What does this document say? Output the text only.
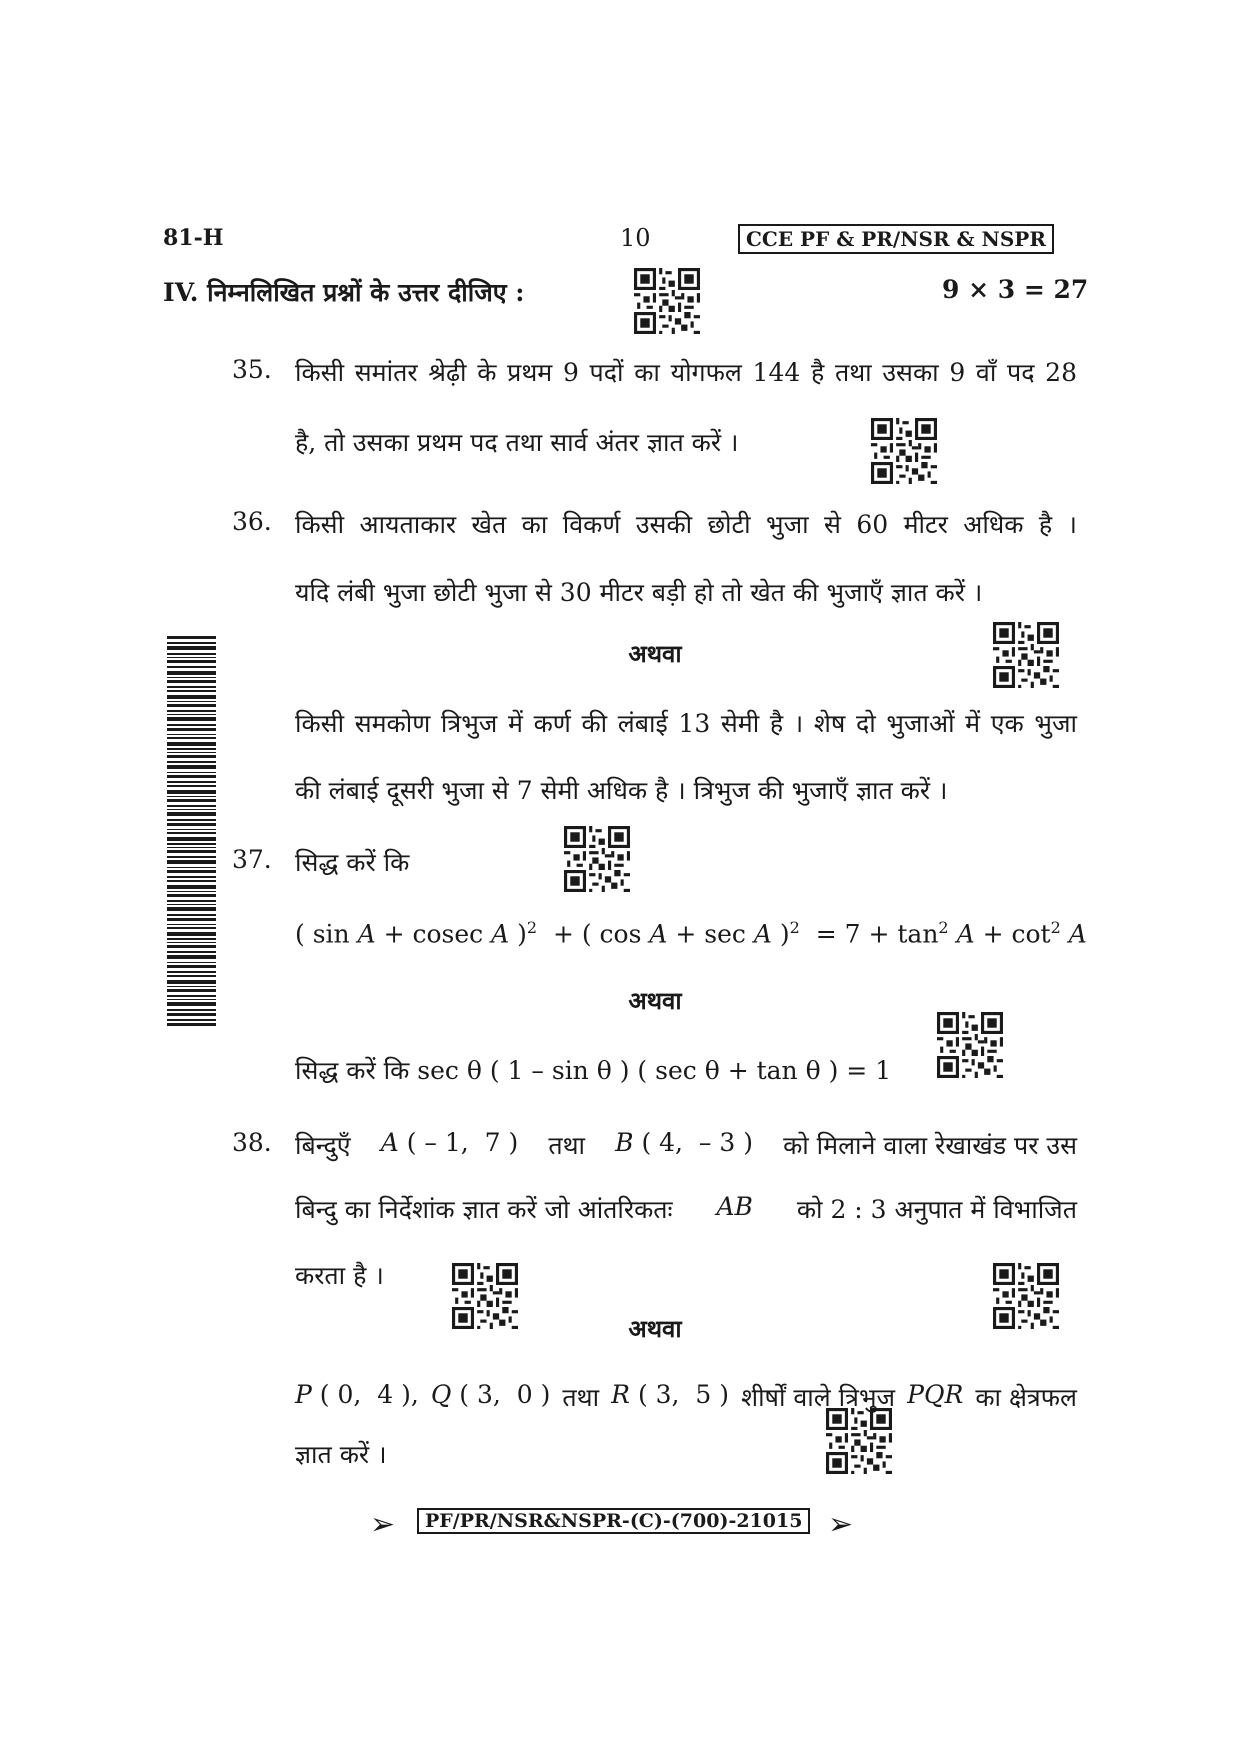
81-H	10	CCE PF & PR/NSR & NSPR
IV. निम्नलिखित प्रश्नों के उत्तर दीजिए :	9 × 3 = 27
35. किसी समांतर श्रेढ़ी के प्रथम 9 पदों का योगफल 144 है तथा उसका 9 वाँ पद 28
है, तो उसका प्रथम पद तथा सार्व अंतर ज्ञात करें ।
36. किसी आयताकार खेत का विकर्ण उसकी छोटी भुजा से 60 मीटर अधिक है ।
यदि लंबी भुजा छोटी भुजा से 30 मीटर बड़ी हो तो खेत की भुजाएँ ज्ञात करें ।
अथवा
किसी समकोण त्रिभुज में कर्ण की लंबाई 13 सेमी है । शेष दो भुजाओं में एक भुजा
की लंबाई दूसरी भुजा से 7 सेमी अधिक है । त्रिभुज की भुजाएँ ज्ञात करें ।
37. सिद्ध करें कि
( sin A + cosec A )$^2$  + ( cos A + sec A )$^2 = 7 + \tan^2 A + \cot^2 A$
अथवा
सिद्ध करें कि sec θ ( 1 – sin θ ) ( sec θ + tan θ ) = 1
38. बिन्दुएँ A ( – 1,  7 ) तथा B ( 4,  – 3 ) को मिलाने वाला रेखाखंड पर उस
बिन्दु का निर्देशांक ज्ञात करें जो आंतरिकतः AB को 2 : 3 अनुपात में विभाजित
करता है ।
अथवा
P ( 0,  4 ), Q ( 3,  0 ) तथा R ( 3,  5 ) शीर्षों वाले त्रिभुज PQR का क्षेत्रफल
ज्ञात करें ।
➢	PF/PR/NSR&NSPR-(C)-(700)-21015 ➢
